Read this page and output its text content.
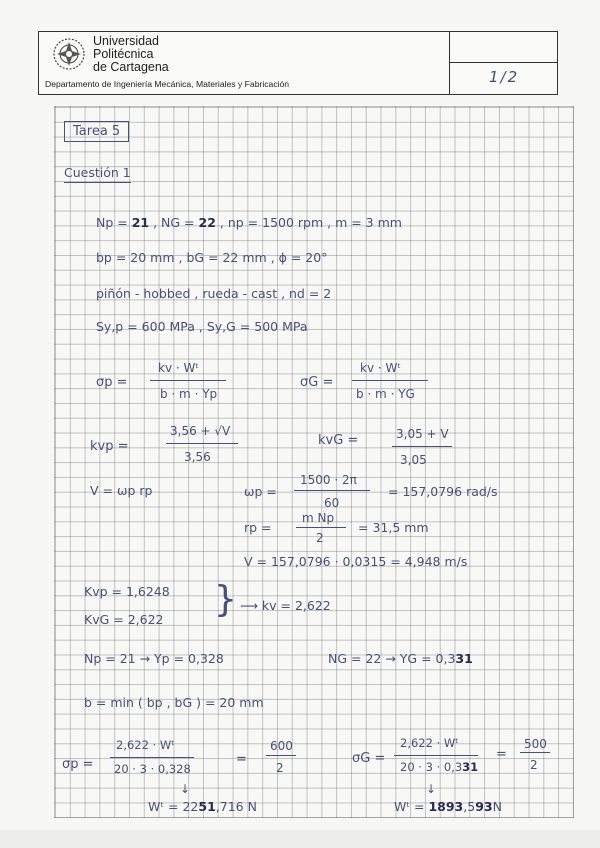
Universidad
Politécnica
de Cartagena
Departamento de Ingeniería Mecánica, Materiales y Fabricación	1/2
Tarea 5
Cuestión 1
Np = 21 , NG = 22 , np = 1500 rpm , m = 3 mm
bp = 20 mm , bG = 22 mm , ϕ = 20°
piñón - hobbed , rueda - cast , nd = 2
Sy,p = 600 MPa , Sy,G = 500 MPa
σp =
kv · Wᵗ
b · m · Yp
σG =
kv · Wᵗ
b · m · YG
kvp =
3,56 + √V
3,56
kvG =	3,05 + V
3,05
V = ωp rp	ωp =
1500 · 2π
60
= 157,0796 rad/s
rp =
m Np
2
= 31,5 mm
V = 157,0796 · 0,0315 = 4,948 m/s
Kvp = 1,6248
KvG = 2,622 } ⟶ kv = 2,622
Np = 21 → Yp = 0,328	NG = 22 → YG = 0,331
b = min ( bp , bG ) = 20 mm
σp =
2,622 · Wᵗ
20 · 3 · 0,328
=
600
2
σG =
2,622 · Wᵗ
20 · 3 · 0,331
=
500
2
↓	↓
Wᵗ = 2251,716 N	Wᵗ = 1893,593N
